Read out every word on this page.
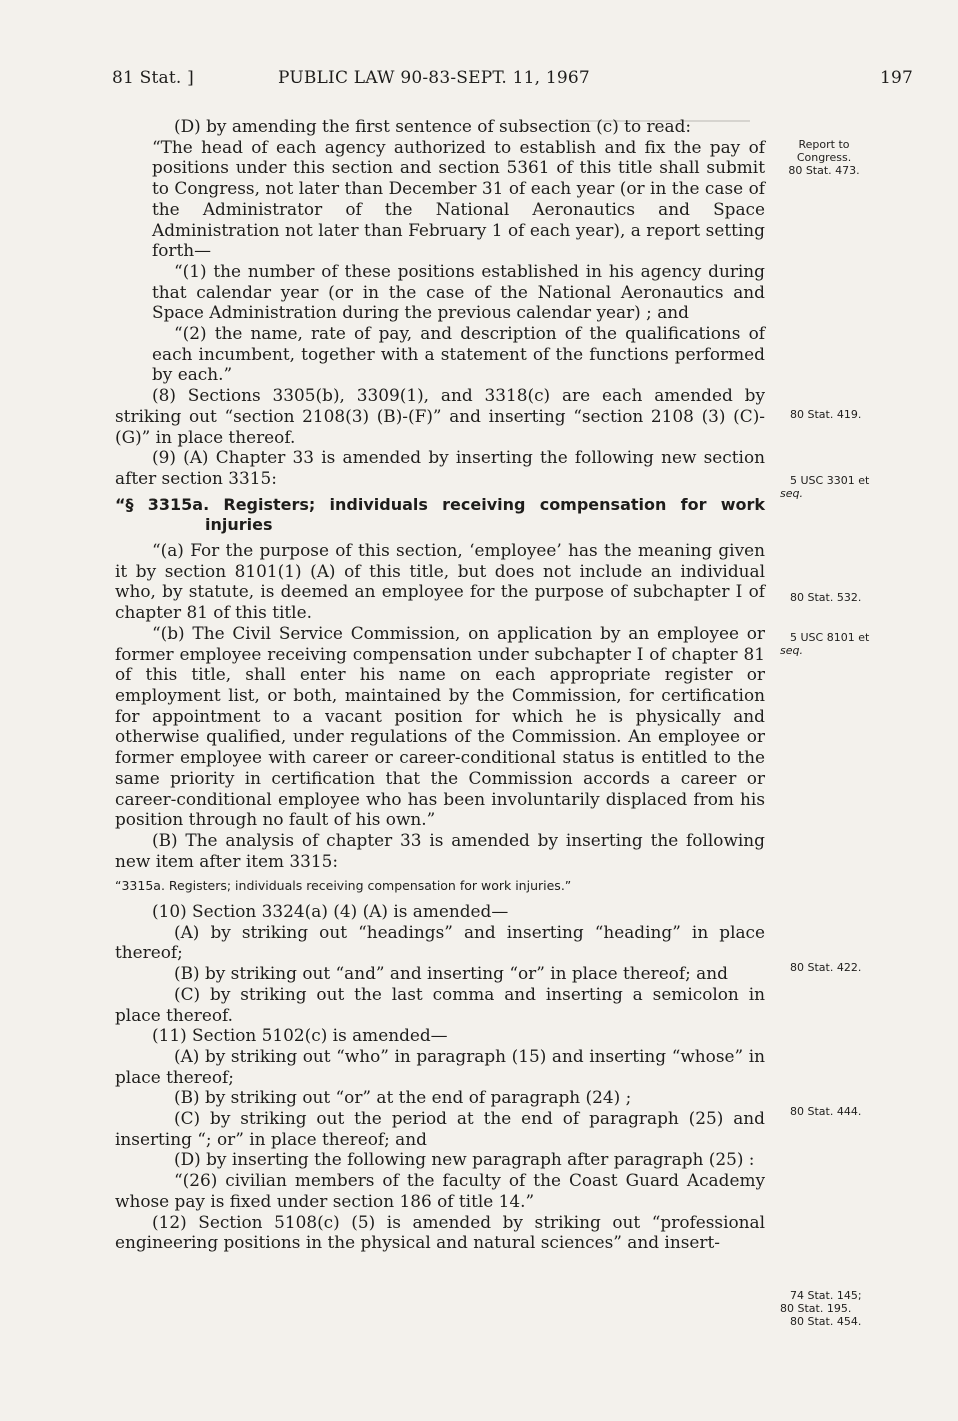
81 Stat. ]	PUBLIC LAW 90-83-SEPT. 11, 1967	197

(D) by amending the first sentence of subsection (c) to read:

“The head of each agency authorized to establish and fix the pay of positions under this section and section 5361 of this title shall submit to Congress, not later than December 31 of each year (or in the case of the Administrator of the National Aeronautics and Space Administration not later than February 1 of each year), a report setting forth—

“(1) the number of these positions established in his agency during that calendar year (or in the case of the National Aeronautics and Space Administration during the previous calendar year) ; and

“(2) the name, rate of pay, and description of the qualifications of each incumbent, together with a statement of the functions performed by each.”

(8) Sections 3305(b), 3309(1), and 3318(c) are each amended by striking out “section 2108(3) (B)-(F)” and inserting “section 2108 (3) (C)-(G)” in place thereof.

(9) (A) Chapter 33 is amended by inserting the following new section after section 3315:

“§ 3315a. Registers; individuals receiving compensation for work injuries

“(a) For the purpose of this section, ‘employee’ has the meaning given it by section 8101(1) (A) of this title, but does not include an individual who, by statute, is deemed an employee for the purpose of subchapter I of chapter 81 of this title.

“(b) The Civil Service Commission, on application by an employee or former employee receiving compensation under subchapter I of chapter 81 of this title, shall enter his name on each appropriate register or employment list, or both, maintained by the Commission, for certification for appointment to a vacant position for which he is physically and otherwise qualified, under regulations of the Commission. An employee or former employee with career or career-conditional status is entitled to the same priority in certification that the Commission accords a career or career-conditional employee who has been involuntarily displaced from his position through no fault of his own.”

(B) The analysis of chapter 33 is amended by inserting the following new item after item 3315:

“3315a. Registers; individuals receiving compensation for work injuries.”

(10) Section 3324(a) (4) (A) is amended—

(A) by striking out “headings” and inserting “heading” in place thereof;

(B) by striking out “and” and inserting “or” in place thereof; and

(C) by striking out the last comma and inserting a semicolon in place thereof.

(11) Section 5102(c) is amended—

(A) by striking out “who” in paragraph (15) and inserting “whose” in place thereof;

(B) by striking out “or” at the end of paragraph (24) ;

(C) by striking out the period at the end of paragraph (25) and inserting “; or” in place thereof; and

(D) by inserting the following new paragraph after paragraph (25) :

“(26) civilian members of the faculty of the Coast Guard Academy whose pay is fixed under section 186 of title 14.”

(12) Section 5108(c) (5) is amended by striking out “professional engineering positions in the physical and natural sciences” and insert-

Report to

Congress.

80 Stat. 473.

80 Stat. 419.

5 USC 3301 et

seq.

80 Stat. 532.

5 USC 8101 et

seq.

80 Stat. 422.

80 Stat. 444.

74 Stat. 145;

80 Stat. 195.

80 Stat. 454.
